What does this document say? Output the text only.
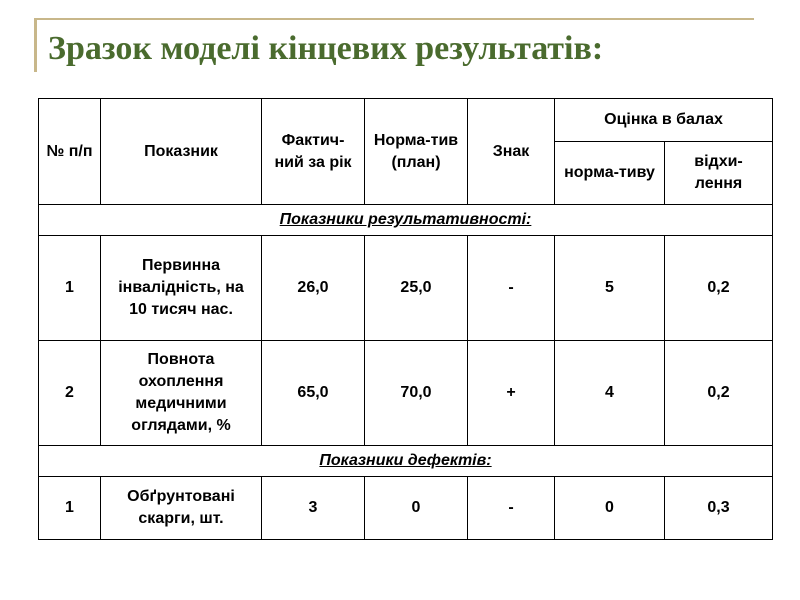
Зразок моделі кінцевих результатів:
№ п/п	Показник	Фактич-ний за рік	Норма-тив (план)	Знак	Оцінка в балах	
					норма-тиву	відхи-лення
Показники результативності:						
1	Первинна інвалідність, на 10 тисяч нас.	26,0	25,0	-	5	0,2
2	Повнота охоплення медичними оглядами, %	65,0	70,0	+	4	0,2
Показники дефектів:						
1	Обґрунтовані скарги, шт.	3	0	-	0	0,3
